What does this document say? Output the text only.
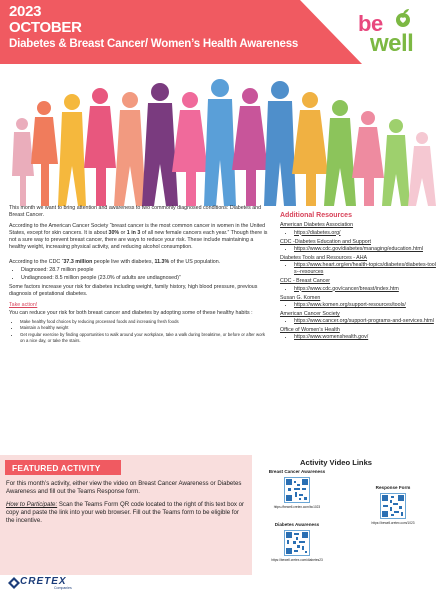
2023
OCTOBER
Diabetes & Breast Cancer/ Women’s Health Awareness
be
well

This month we want to bring attention and awareness to two commonly diagnosed conditions: Diabetes and Breast Cancer.

According to the American Cancer Society “breast cancer is the most common cancer in women in the United States, except for skin cancers. It is about 30% or 1 in 3 of all new female cancers each year.” Though there is not a sure way to prevent breast cancer, there are ways to reduce your risk. These include maintaining a healthy weight, increasing physical activity, and reducing alcohol consumption.

According to the CDC “37.3 million people live with diabetes, 11.3% of the US population.

• Diagnosed: 28.7 million people
• Undiagnosed: 8.5 million people (23.0% of adults are undiagnosed)”

Some factors increase your risk for diabetes including weight, family history, high blood pressure, previous diagnosis of gestational diabetes.

Take action!

You can reduce your risk for both breast cancer and diabetes by adopting some of these healthy habits :

• Make healthy food choices by reducing processed foods and increasing fresh foods
• Maintain a healthy weight
• Get regular exercise by finding opportunities to walk around your workplace, take a walk during breaktime, or before or after work on a nice day, or take the stairs.
Additional Resources
American Diabetes Association
• https://diabetes.org/
CDC -Diabetes Education and Support
• https://www.cdc.gov/diabetes/managing/education.html
Diabetes Tools and Resources - AHA
• https://www.heart.org/en/health-topics/diabetes/diabetes-tools--resources
CDC - Breast Cancer
• https://www.cdc.gov/cancer/breast/index.htm
Susan G. Komen
• https://www.komen.org/support-resources/tools/
American Cancer Society
• https://www.cancer.org/support-programs-and-services.html
Office of Women’s Health
• https://www.womenshealth.gov/
FEATURED ACTIVITY

For this month’s activity, either view the video on Breast Cancer Awareness or Diabetes Awareness and fill out the Teams Response form.

How to Participate: Scan the Teams Form QR code located to the right of this text box or copy and paste the link into your web browser. Fill out the Teams form to be eligible for the incentive.

Activity Video Links
Breast Cancer Awareness
https://bewell.cretex.com/bc1023
Response Form
https://bewell.cretex.com/1023
Diabetes Awareness
https://bewell.cretex.com/diabetes23
CRETEX
Companies
